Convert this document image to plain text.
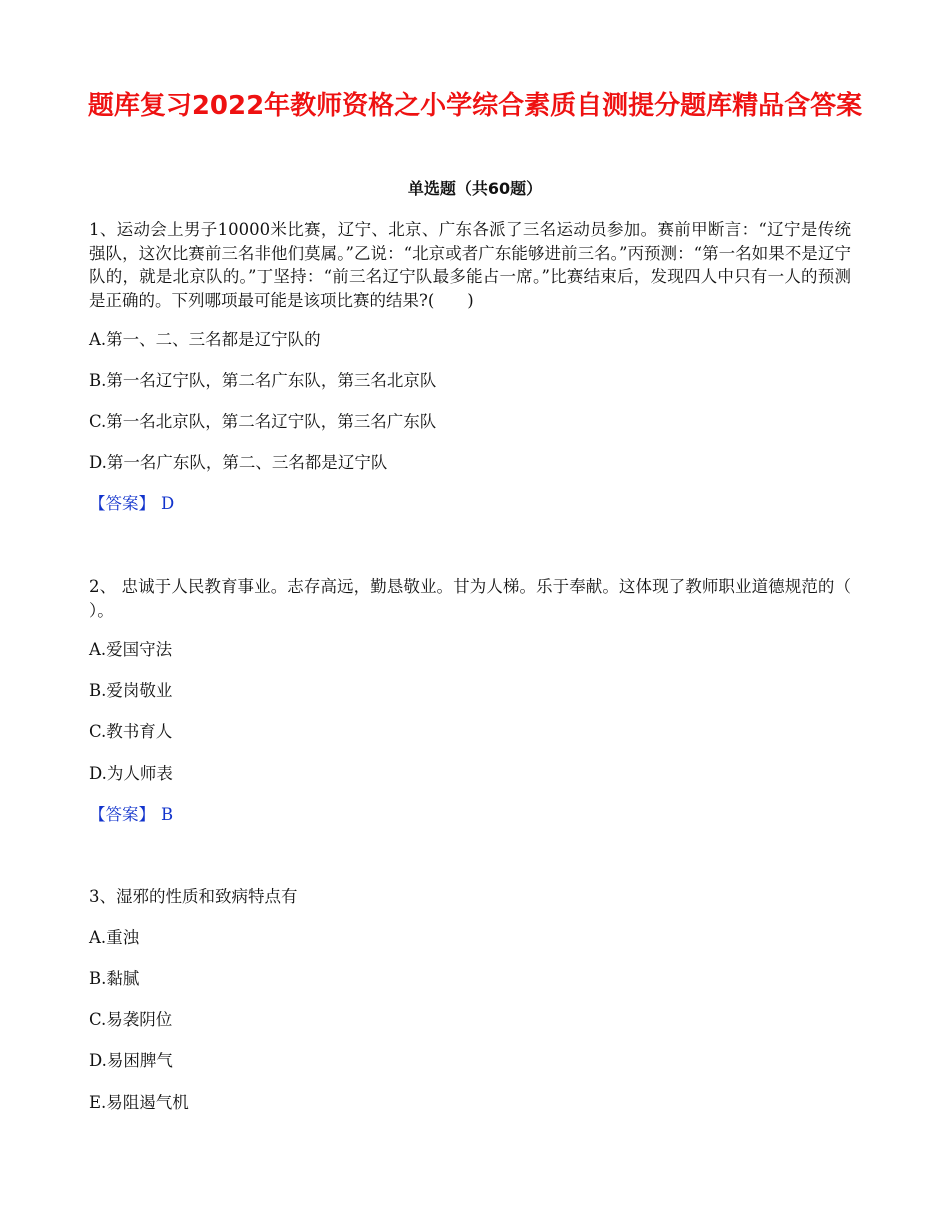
题库复习2022年教师资格之小学综合素质自测提分题库精品含答案
单选题（共60题）

1、运动会上男子10000米比赛，辽宁、北京、广东各派了三名运动员参加。赛前甲断言：“辽宁是传统强队，这次比赛前三名非他们莫属。”乙说：“北京或者广东能够进前三名。”丙预测：“第一名如果不是辽宁队的，就是北京队的。”丁坚持：“前三名辽宁队最多能占一席。”比赛结束后，发现四人中只有一人的预测是正确的。下列哪项最可能是该项比赛的结果?(　　)

A.第一、二、三名都是辽宁队的

B.第一名辽宁队，第二名广东队，第三名北京队

C.第一名北京队，第二名辽宁队，第三名广东队

D.第一名广东队，第二、三名都是辽宁队

【答案】 D

2、 忠诚于人民教育事业。志存高远，勤恳敬业。甘为人梯。乐于奉献。这体现了教师职业道德规范的（ ）。

A.爱国守法

B.爱岗敬业

C.教书育人

D.为人师表

【答案】 B

3、湿邪的性质和致病特点有

A.重浊

B.黏腻

C.易袭阴位

D.易困脾气

E.易阻遏气机
